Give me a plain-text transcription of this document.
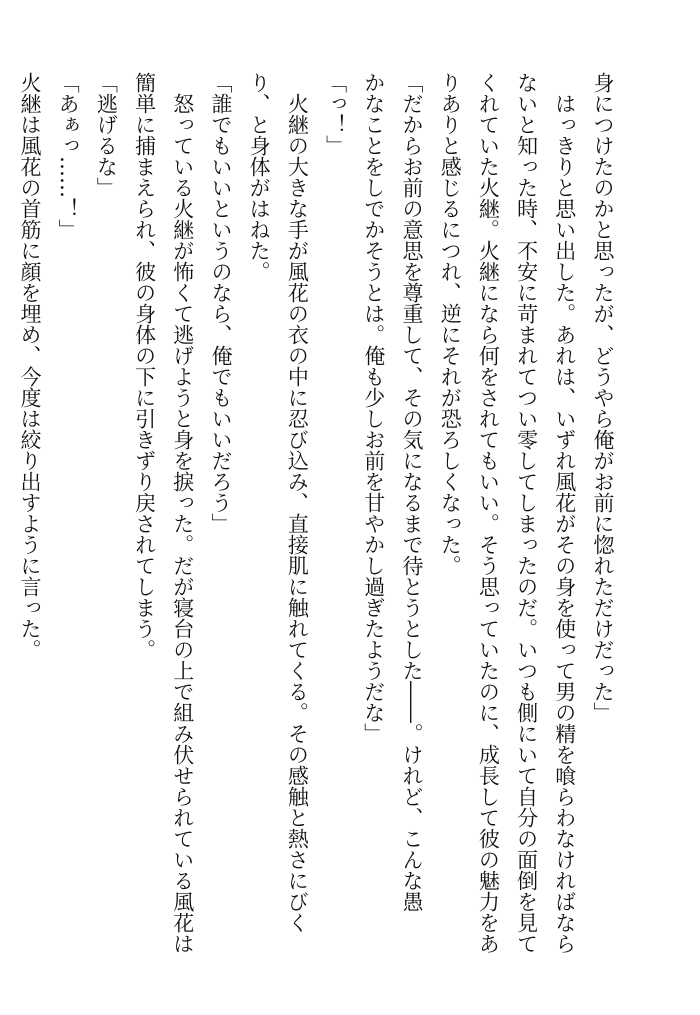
身につけたのかと思ったが、どうやら俺がお前に惚れただけだった」
はっきりと思い出した。あれは、いずれ風花がその身を使って男の精を喰らわなければなら
ないと知った時、不安に苛まれてつい零してしまったのだ。いつも側にいて自分の面倒を見て
くれていた火継。火継になら何をされてもいい。そう思っていたのに、成長して彼の魅力をあ
りありと感じるにつれ、逆にそれが恐ろしくなった。
「だからお前の意思を尊重して、その気になるまで待とうとした――。けれど、こんな愚
かなことをしでかそうとは。俺も少しお前を甘やかし過ぎたようだな」
「っ！」
火継の大きな手が風花の衣の中に忍び込み、直接肌に触れてくる。その感触と熱さにびく
り、と身体がはねた。
「誰でもいいというのなら、俺でもいいだろう」
怒っている火継が怖くて逃げようと身を捩った。だが寝台の上で組み伏せられている風花は
簡単に捕まえられ、彼の身体の下に引きずり戻されてしまう。
「逃げるな」
「あぁっ……！」
火継は風花の首筋に顔を埋め、今度は絞り出すように言った。
